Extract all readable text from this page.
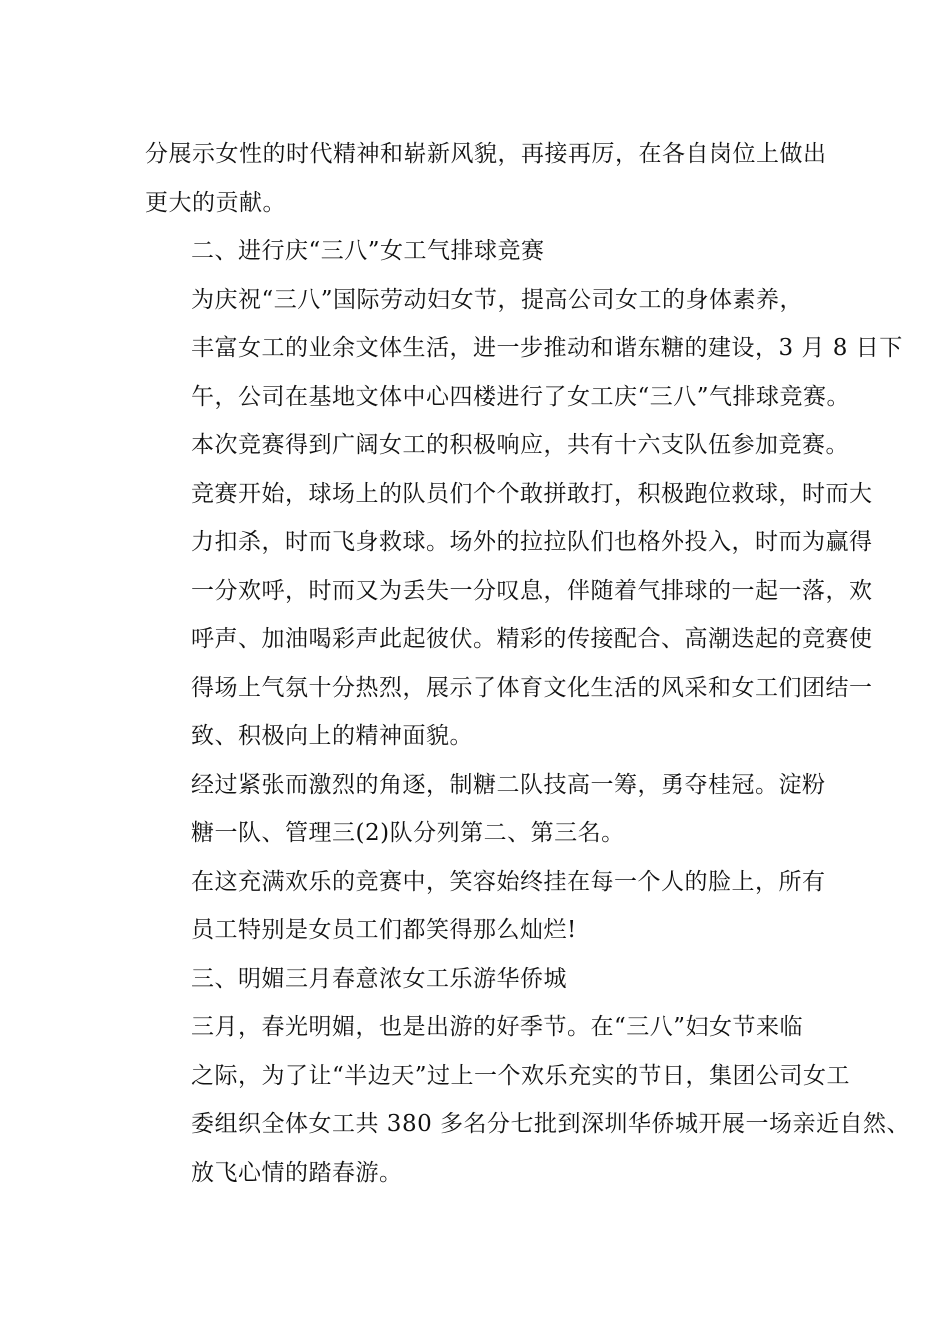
分展示女性的时代精神和崭新风貌，再接再厉，在各自岗位上做出
更大的贡献。

二、进行庆“三八”女工气排球竞赛

为庆祝“三八”国际劳动妇女节，提高公司女工的身体素养，
丰富女工的业余文体生活，进一步推动和谐东糖的建设，3 月 8 日下
午，公司在基地文体中心四楼进行了女工庆“三八”气排球竞赛。

本次竞赛得到广阔女工的积极响应，共有十六支队伍参加竞赛。
竞赛开始，球场上的队员们个个敢拼敢打，积极跑位救球，时而大
力扣杀，时而飞身救球。场外的拉拉队们也格外投入，时而为赢得
一分欢呼，时而又为丢失一分叹息，伴随着气排球的一起一落，欢
呼声、加油喝彩声此起彼伏。精彩的传接配合、高潮迭起的竞赛使
得场上气氛十分热烈，展示了体育文化生活的风采和女工们团结一
致、积极向上的精神面貌。

经过紧张而激烈的角逐，制糖二队技高一筹，勇夺桂冠。淀粉
糖一队、管理三(2)队分列第二、第三名。

在这充满欢乐的竞赛中，笑容始终挂在每一个人的脸上，所有
员工特别是女员工们都笑得那么灿烂!

三、明媚三月春意浓女工乐游华侨城

三月，春光明媚，也是出游的好季节。在“三八”妇女节来临
之际，为了让“半边天”过上一个欢乐充实的节日，集团公司女工
委组织全体女工共 380 多名分七批到深圳华侨城开展一场亲近自然、
放飞心情的踏春游。
